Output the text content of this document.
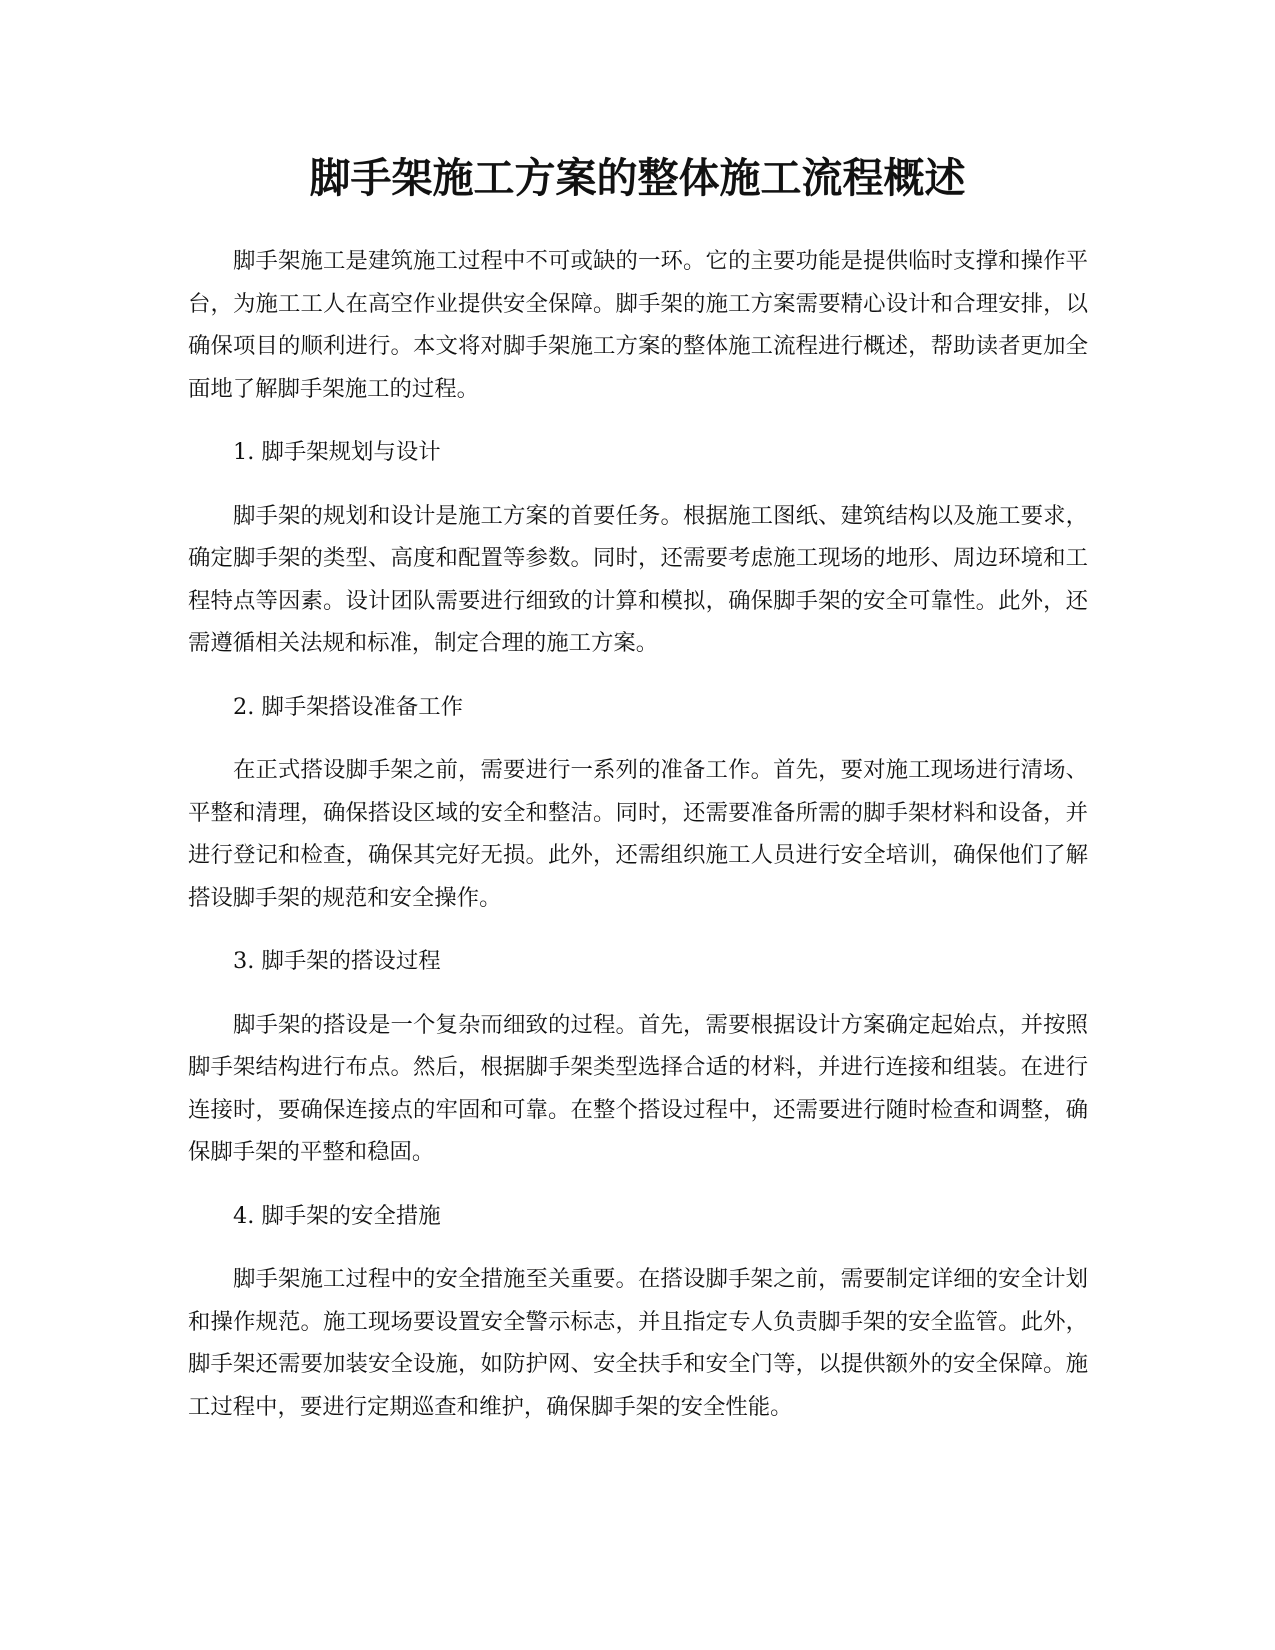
脚手架施工方案的整体施工流程概述

脚手架施工是建筑施工过程中不可或缺的一环。它的主要功能是提供临时支撑和操作平台，为施工工人在高空作业提供安全保障。脚手架的施工方案需要精心设计和合理安排，以确保项目的顺利进行。本文将对脚手架施工方案的整体施工流程进行概述，帮助读者更加全面地了解脚手架施工的过程。

1. 脚手架规划与设计

脚手架的规划和设计是施工方案的首要任务。根据施工图纸、建筑结构以及施工要求，确定脚手架的类型、高度和配置等参数。同时，还需要考虑施工现场的地形、周边环境和工程特点等因素。设计团队需要进行细致的计算和模拟，确保脚手架的安全可靠性。此外，还需遵循相关法规和标准，制定合理的施工方案。

2. 脚手架搭设准备工作

在正式搭设脚手架之前，需要进行一系列的准备工作。首先，要对施工现场进行清场、平整和清理，确保搭设区域的安全和整洁。同时，还需要准备所需的脚手架材料和设备，并进行登记和检查，确保其完好无损。此外，还需组织施工人员进行安全培训，确保他们了解搭设脚手架的规范和安全操作。

3. 脚手架的搭设过程

脚手架的搭设是一个复杂而细致的过程。首先，需要根据设计方案确定起始点，并按照脚手架结构进行布点。然后，根据脚手架类型选择合适的材料，并进行连接和组装。在进行连接时，要确保连接点的牢固和可靠。在整个搭设过程中，还需要进行随时检查和调整，确保脚手架的平整和稳固。

4. 脚手架的安全措施

脚手架施工过程中的安全措施至关重要。在搭设脚手架之前，需要制定详细的安全计划和操作规范。施工现场要设置安全警示标志，并且指定专人负责脚手架的安全监管。此外，脚手架还需要加装安全设施，如防护网、安全扶手和安全门等，以提供额外的安全保障。施工过程中，要进行定期巡查和维护，确保脚手架的安全性能。
